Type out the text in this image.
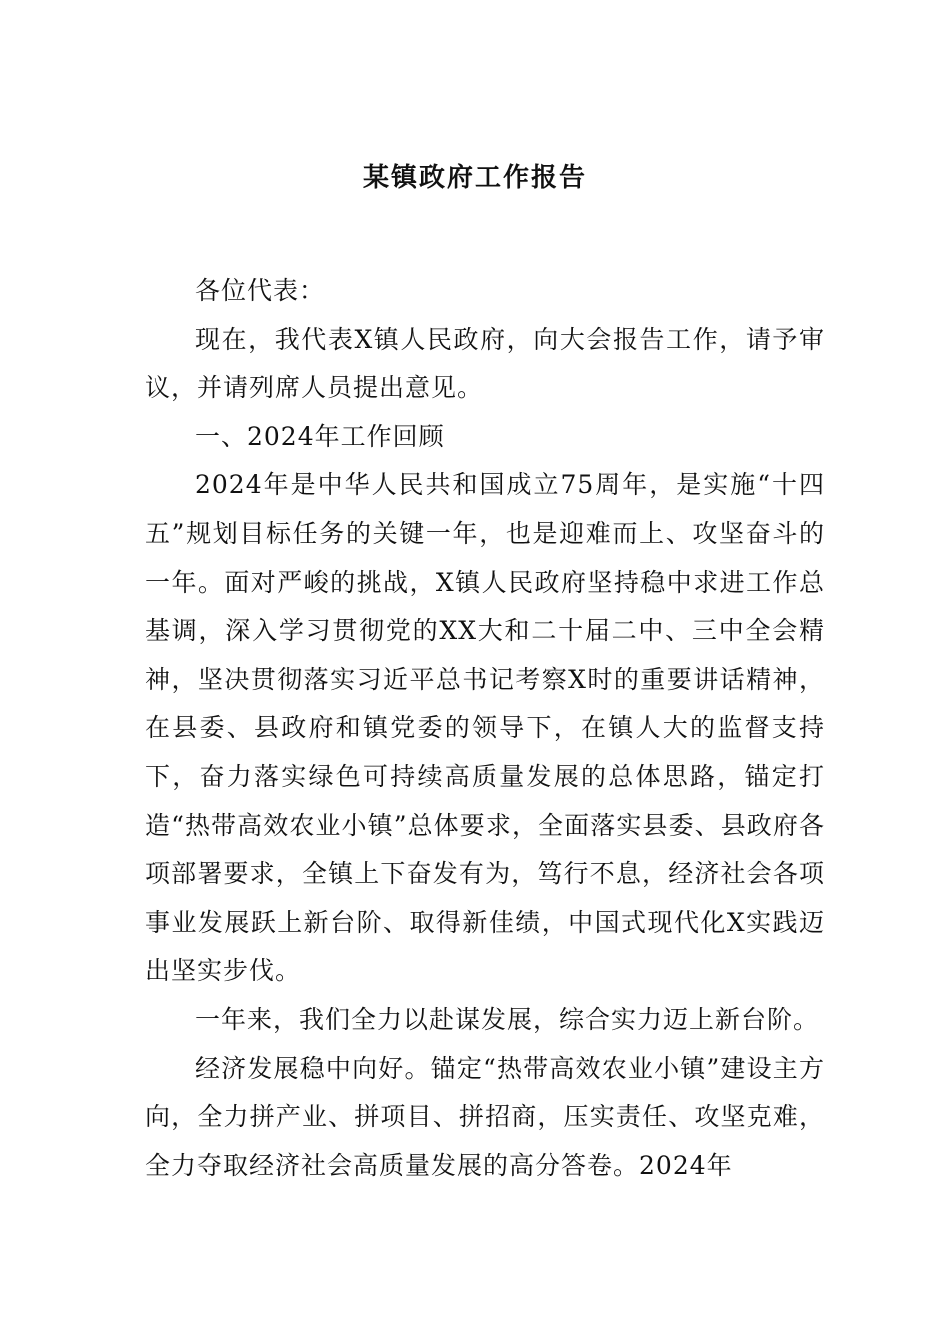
某镇政府工作报告

各位代表：

现在，我代表X镇人民政府，向大会报告工作，请予审议，并请列席人员提出意见。

一、2024年工作回顾

2024年是中华人民共和国成立75周年，是实施“十四五”规划目标任务的关键一年，也是迎难而上、攻坚奋斗的一年。面对严峻的挑战，X镇人民政府坚持稳中求进工作总基调，深入学习贯彻党的XX大和二十届二中、三中全会精神，坚决贯彻落实习近平总书记考察X时的重要讲话精神，在县委、县政府和镇党委的领导下，在镇人大的监督支持下，奋力落实绿色可持续高质量发展的总体思路，锚定打造“热带高效农业小镇”总体要求，全面落实县委、县政府各项部署要求，全镇上下奋发有为，笃行不息，经济社会各项事业发展跃上新台阶、取得新佳绩，中国式现代化X实践迈出坚实步伐。

一年来，我们全力以赴谋发展，综合实力迈上新台阶。

经济发展稳中向好。锚定“热带高效农业小镇”建设主方向，全力拼产业、拼项目、拼招商，压实责任、攻坚克难，全力夺取经济社会高质量发展的高分答卷。2024年
